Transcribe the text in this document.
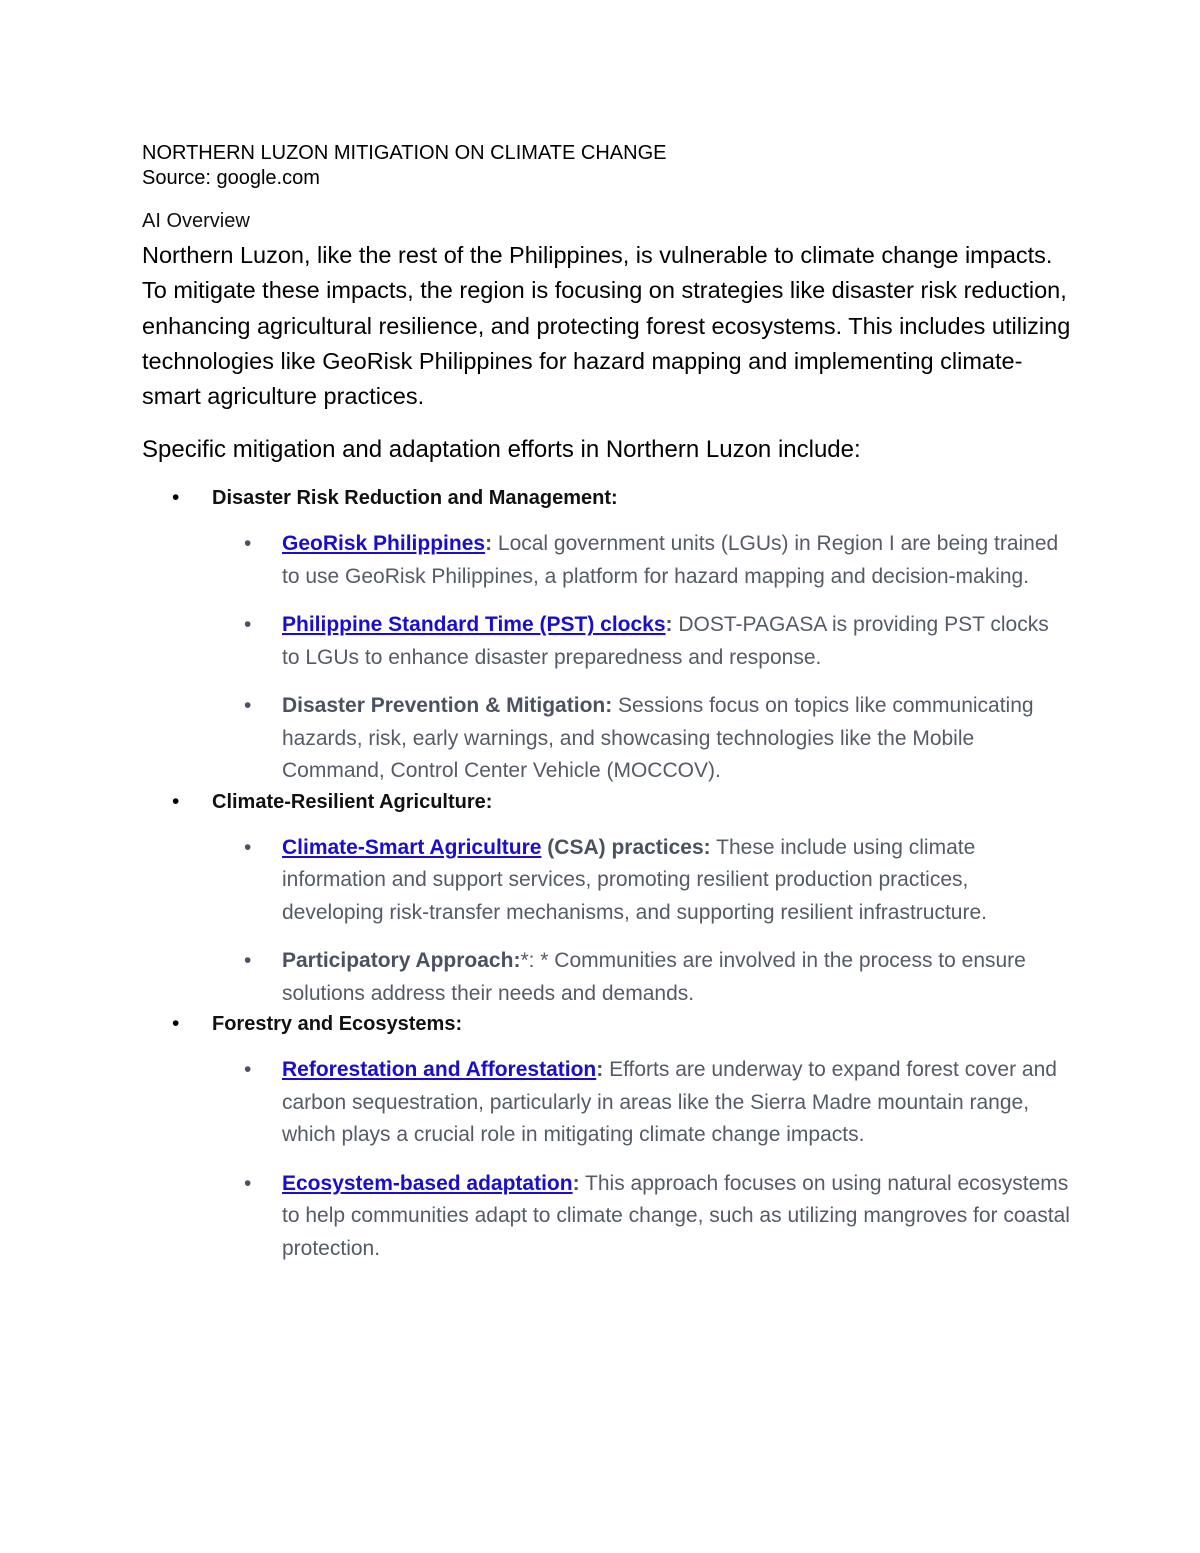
NORTHERN LUZON MITIGATION ON CLIMATE CHANGE

Source: google.com

AI Overview

Northern Luzon, like the rest of the Philippines, is vulnerable to climate change impacts. To mitigate these impacts, the region is focusing on strategies like disaster risk reduction, enhancing agricultural resilience, and protecting forest ecosystems. This includes utilizing technologies like GeoRisk Philippines for hazard mapping and implementing climate-smart agriculture practices.

Specific mitigation and adaptation efforts in Northern Luzon include:

• Disaster Risk Reduction and Management:
• GeoRisk Philippines: Local government units (LGUs) in Region I are being trained to use GeoRisk Philippines, a platform for hazard mapping and decision-making.
• Philippine Standard Time (PST) clocks: DOST-PAGASA is providing PST clocks to LGUs to enhance disaster preparedness and response.
• Disaster Prevention & Mitigation: Sessions focus on topics like communicating hazards, risk, early warnings, and showcasing technologies like the Mobile Command, Control Center Vehicle (MOCCOV).
• Climate-Resilient Agriculture:
• Climate-Smart Agriculture (CSA) practices: These include using climate information and support services, promoting resilient production practices, developing risk-transfer mechanisms, and supporting resilient infrastructure.
• Participatory Approach:*: * Communities are involved in the process to ensure solutions address their needs and demands.
• Forestry and Ecosystems:
• Reforestation and Afforestation: Efforts are underway to expand forest cover and carbon sequestration, particularly in areas like the Sierra Madre mountain range, which plays a crucial role in mitigating climate change impacts.
• Ecosystem-based adaptation: This approach focuses on using natural ecosystems to help communities adapt to climate change, such as utilizing mangroves for coastal protection.
